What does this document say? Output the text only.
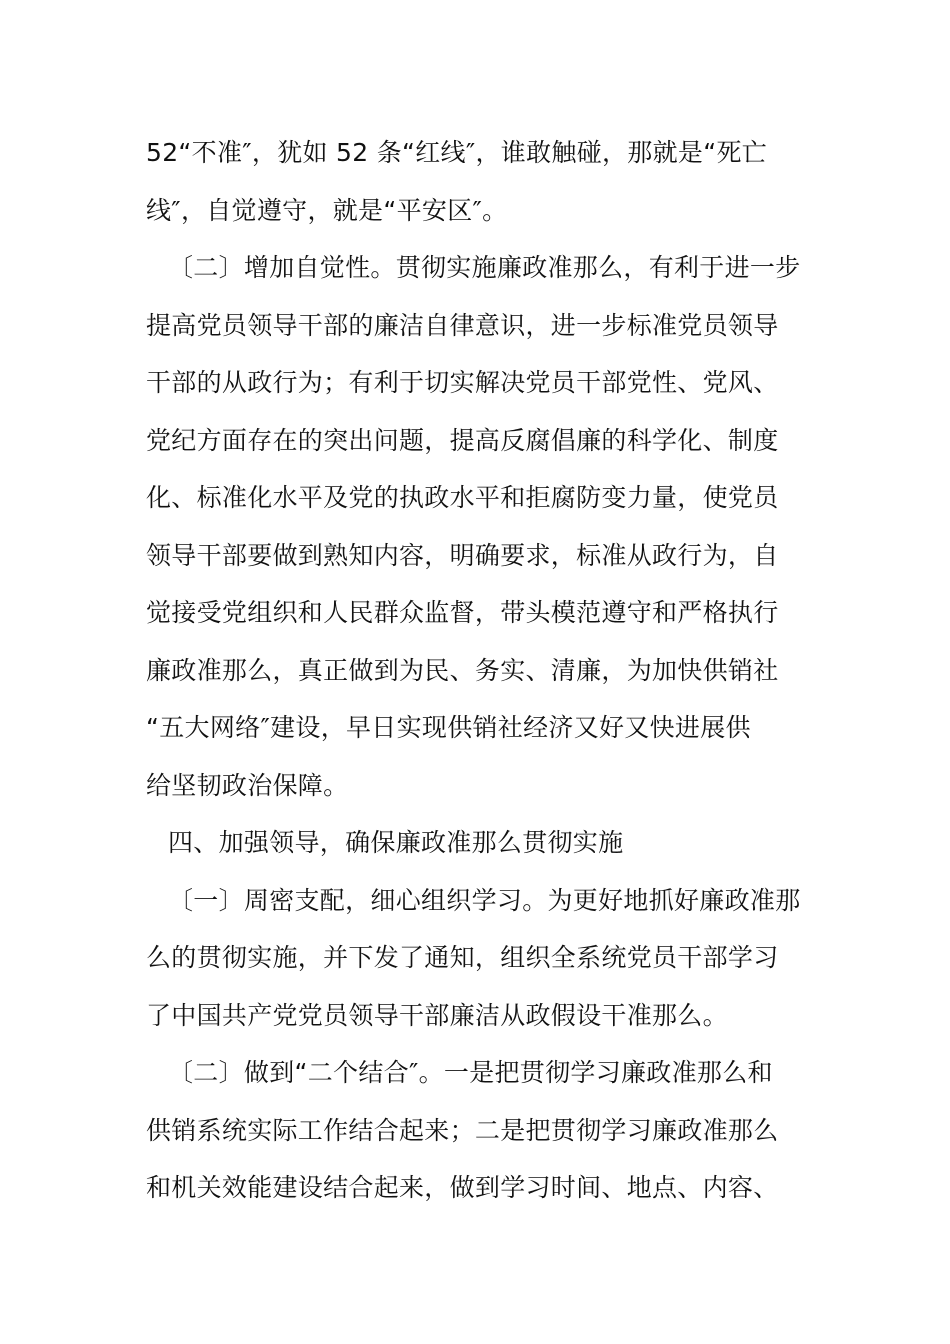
52“不准″，犹如 52 条“红线″，谁敢触碰，那就是“死亡
线″，自觉遵守，就是“平安区″。
〔二〕增加自觉性。贯彻实施廉政准那么，有利于进一步
提高党员领导干部的廉洁自律意识，进一步标准党员领导
干部的从政行为；有利于切实解决党员干部党性、党风、
党纪方面存在的突出问题，提高反腐倡廉的科学化、制度
化、标准化水平及党的执政水平和拒腐防变力量，使党员
领导干部要做到熟知内容，明确要求，标准从政行为，自
觉接受党组织和人民群众监督，带头模范遵守和严格执行
廉政准那么，真正做到为民、务实、清廉，为加快供销社
“五大网络″建设，早日实现供销社经济又好又快进展供
给坚韧政治保障。
四、加强领导，确保廉政准那么贯彻实施
〔一〕周密支配，细心组织学习。为更好地抓好廉政准那
么的贯彻实施，并下发了通知，组织全系统党员干部学习
了中国共产党党员领导干部廉洁从政假设干准那么。
〔二〕做到“二个结合″。一是把贯彻学习廉政准那么和
供销系统实际工作结合起来；二是把贯彻学习廉政准那么
和机关效能建设结合起来，做到学习时间、地点、内容、
